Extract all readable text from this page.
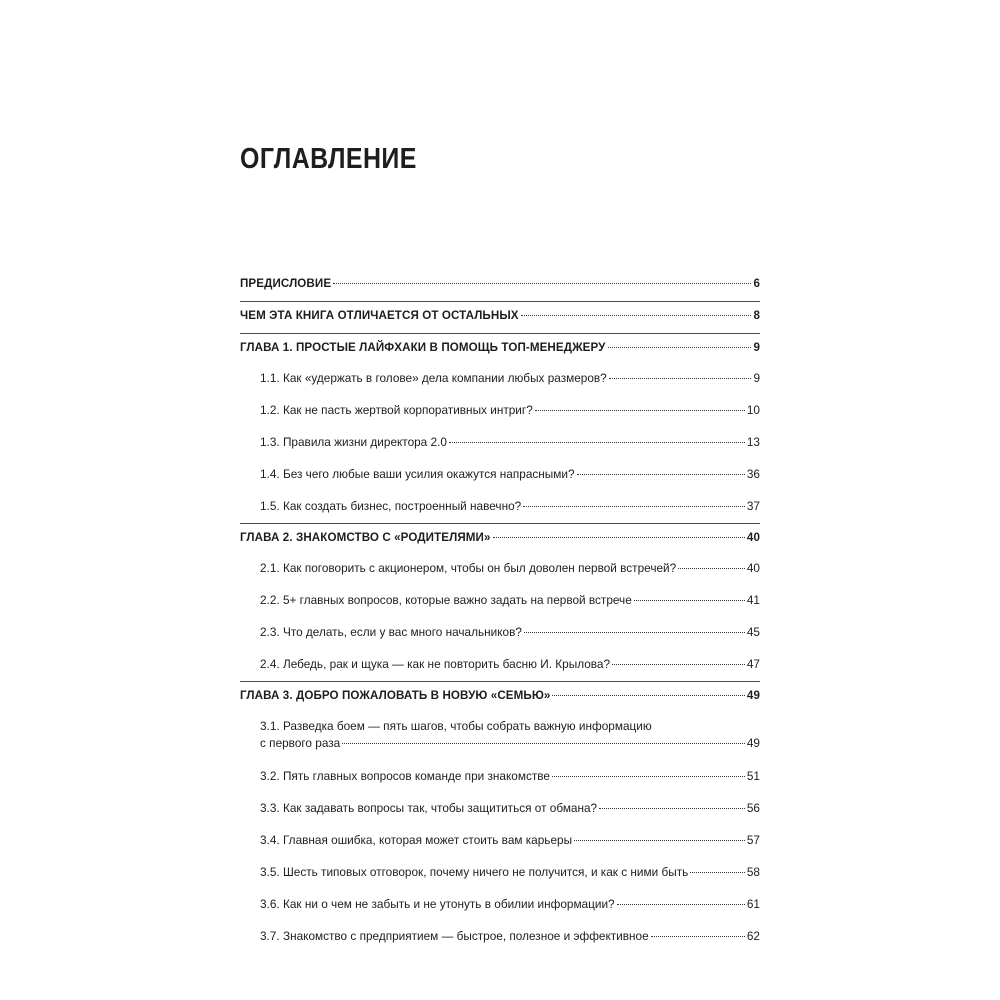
ОГЛАВЛЕНИЕ
ПРЕДИСЛОВИЕ	6
ЧЕМ ЭТА КНИГА ОТЛИЧАЕТСЯ ОТ ОСТАЛЬНЫХ	8
ГЛАВА 1. ПРОСТЫЕ ЛАЙФХАКИ В ПОМОЩЬ ТОП-МЕНЕДЖЕРУ	9
1.1. Как «удержать в голове» дела компании любых размеров?	9
1.2. Как не пасть жертвой корпоративных интриг?	10
1.3. Правила жизни директора 2.0	13
1.4. Без чего любые ваши усилия окажутся напрасными?	36
1.5. Как создать бизнес, построенный навечно?	37
ГЛАВА 2. ЗНАКОМСТВО С «РОДИТЕЛЯМИ»	40
2.1. Как поговорить с акционером, чтобы он был доволен первой встречей?	40
2.2. 5+ главных вопросов, которые важно задать на первой встрече	41
2.3. Что делать, если у вас много начальников?	45
2.4. Лебедь, рак и щука — как не повторить басню И. Крылова?	47
ГЛАВА 3. ДОБРО ПОЖАЛОВАТЬ В НОВУЮ «СЕМЬЮ»	49
3.1. Разведка боем — пять шагов, чтобы собрать важную информацию
с первого раза	49
3.2. Пять главных вопросов команде при знакомстве	51
3.3. Как задавать вопросы так, чтобы защититься от обмана?	56
3.4. Главная ошибка, которая может стоить вам карьеры	57
3.5. Шесть типовых отговорок, почему ничего не получится, и как с ними быть	58
3.6. Как ни о чем не забыть и не утонуть в обилии информации?	61
3.7. Знакомство с предприятием — быстрое, полезное и эффективное	62
